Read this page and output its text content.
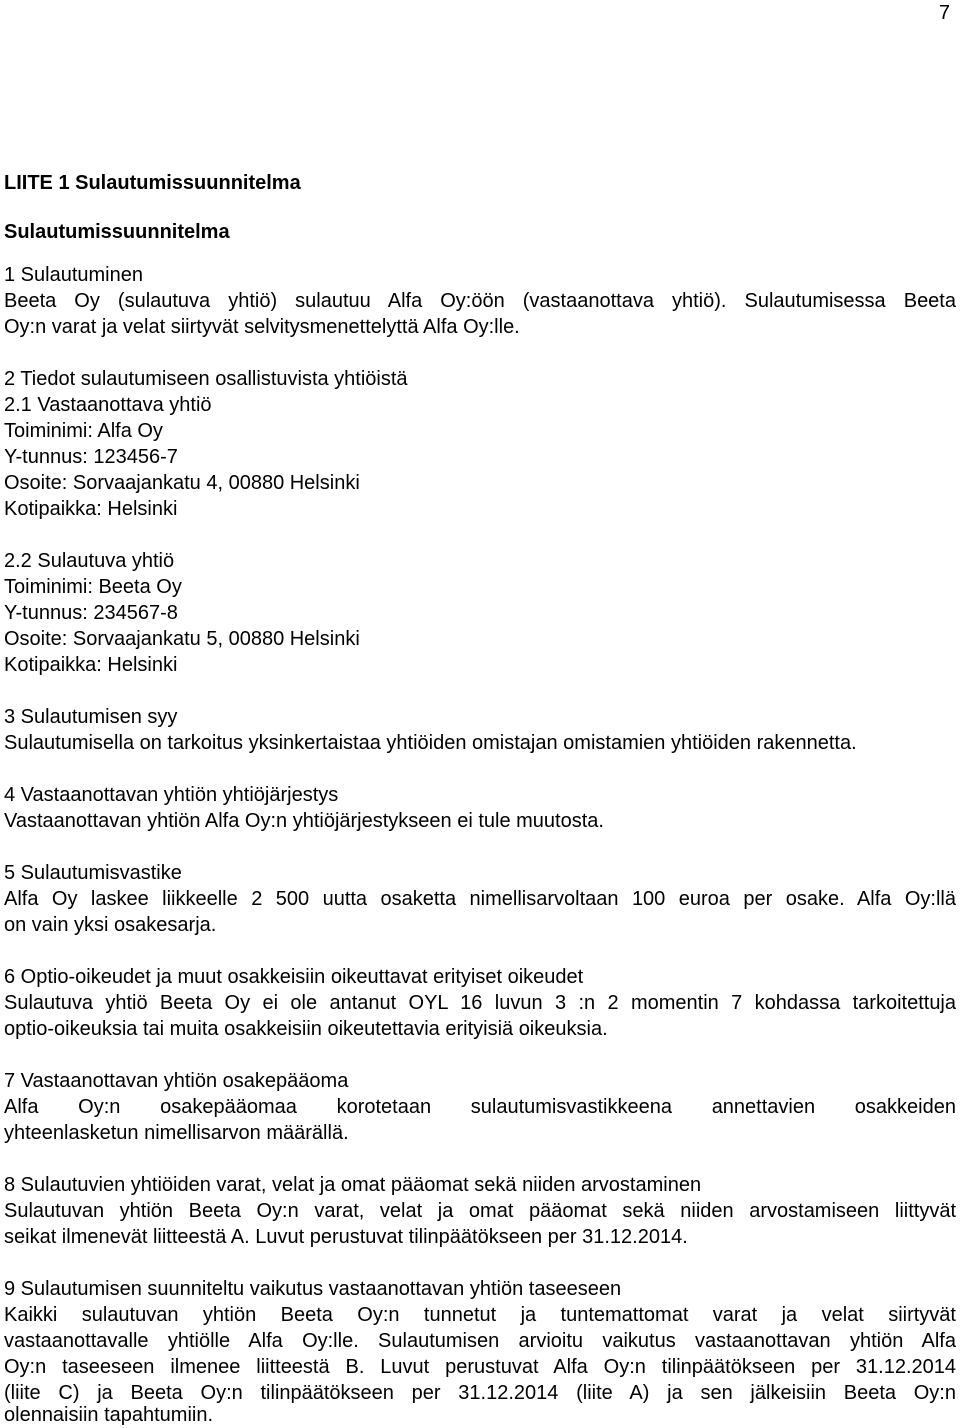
7
LIITE 1 Sulautumissuunnitelma
Sulautumissuunnitelma
1 Sulautuminen
Beeta Oy (sulautuva yhtiö) sulautuu Alfa Oy:öön (vastaanottava yhtiö). Sulautumisessa Beeta
Oy:n varat ja velat siirtyvät selvitysmenettelyttä Alfa Oy:lle.
2 Tiedot sulautumiseen osallistuvista yhtiöistä
2.1 Vastaanottava yhtiö
Toiminimi: Alfa Oy
Y-tunnus: 123456-7
Osoite: Sorvaajankatu 4, 00880 Helsinki
Kotipaikka: Helsinki
2.2 Sulautuva yhtiö
Toiminimi: Beeta Oy
Y-tunnus: 234567-8
Osoite: Sorvaajankatu 5, 00880 Helsinki
Kotipaikka: Helsinki
3 Sulautumisen syy
Sulautumisella on tarkoitus yksinkertaistaa yhtiöiden omistajan omistamien yhtiöiden rakennetta.
4 Vastaanottavan yhtiön yhtiöjärjestys
Vastaanottavan yhtiön Alfa Oy:n yhtiöjärjestykseen ei tule muutosta.
5 Sulautumisvastike
Alfa Oy laskee liikkeelle 2 500 uutta osaketta nimellisarvoltaan 100 euroa per osake. Alfa Oy:llä
on vain yksi osakesarja.
6 Optio-oikeudet ja muut osakkeisiin oikeuttavat erityiset oikeudet
Sulautuva yhtiö Beeta Oy ei ole antanut OYL 16 luvun 3 :n 2 momentin 7 kohdassa tarkoitettuja
optio-oikeuksia tai muita osakkeisiin oikeutettavia erityisiä oikeuksia.
7 Vastaanottavan yhtiön osakepääoma
Alfa Oy:n osakepääomaa korotetaan sulautumisvastikkeena annettavien osakkeiden
yhteenlasketun nimellisarvon määrällä.
8 Sulautuvien yhtiöiden varat, velat ja omat pääomat sekä niiden arvostaminen
Sulautuvan yhtiön Beeta Oy:n varat, velat ja omat pääomat sekä niiden arvostamiseen liittyvät
seikat ilmenevät liitteestä A. Luvut perustuvat tilinpäätökseen per 31.12.2014.
9 Sulautumisen suunniteltu vaikutus vastaanottavan yhtiön taseeseen
Kaikki sulautuvan yhtiön Beeta Oy:n tunnetut ja tuntemattomat varat ja velat siirtyvät
vastaanottavalle yhtiölle Alfa Oy:lle. Sulautumisen arvioitu vaikutus vastaanottavan yhtiön Alfa
Oy:n taseeseen ilmenee liitteestä B. Luvut perustuvat Alfa Oy:n tilinpäätökseen per 31.12.2014
(liite C) ja Beeta Oy:n tilinpäätökseen per 31.12.2014 (liite A) ja sen jälkeisiin Beeta Oy:n
olennaisiin tapahtumiin.
